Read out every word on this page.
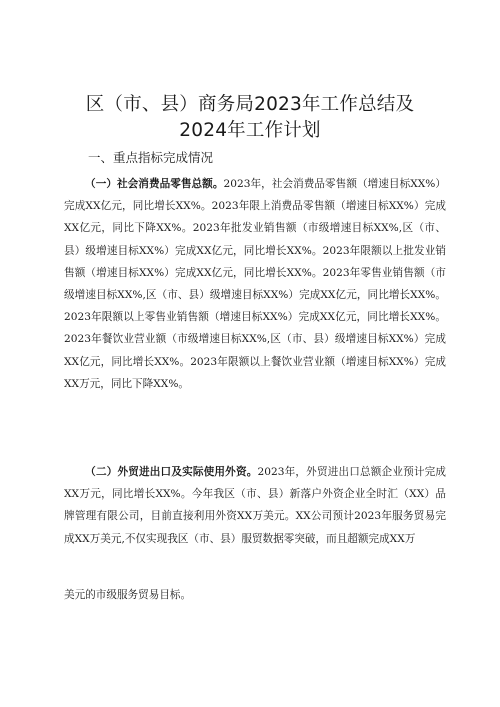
区（市、县）商务局2023年工作总结及
2024年工作计划
一、重点指标完成情况
（一）社会消费品零售总额。2023年，社会消费品零售额（增速目标XX%）完成XX亿元，同比增长XX%。2023年限上消费品零售额（增速目标XX%）完成XX亿元，同比下降XX%。2023年批发业销售额（市级增速目标XX%,区（市、县）级增速目标XX%）完成XX亿元，同比增长XX%。2023年限额以上批发业销售额（增速目标XX%）完成XX亿元，同比增长XX%。2023年零售业销售额（市级增速目标XX%,区（市、县）级增速目标XX%）完成XX亿元，同比增长XX%。2023年限额以上零售业销售额（增速目标XX%）完成XX亿元，同比增长XX%。2023年餐饮业营业额（市级增速目标XX%,区（市、县）级增速目标XX%）完成XX亿元，同比增长XX%。2023年限额以上餐饮业营业额（增速目标XX%）完成XX万元，同比下降XX%。
（二）外贸进出口及实际使用外资。2023年，外贸进出口总额企业预计完成XX万元，同比增长XX%。今年我区（市、县）新落户外资企业全时汇（XX）品牌管理有限公司，目前直接利用外资XX万美元。XX公司预计2023年服务贸易完成XX万美元,不仅实现我区（市、县）服贸数据零突破，而且超额完成XX万
美元的市级服务贸易目标。
